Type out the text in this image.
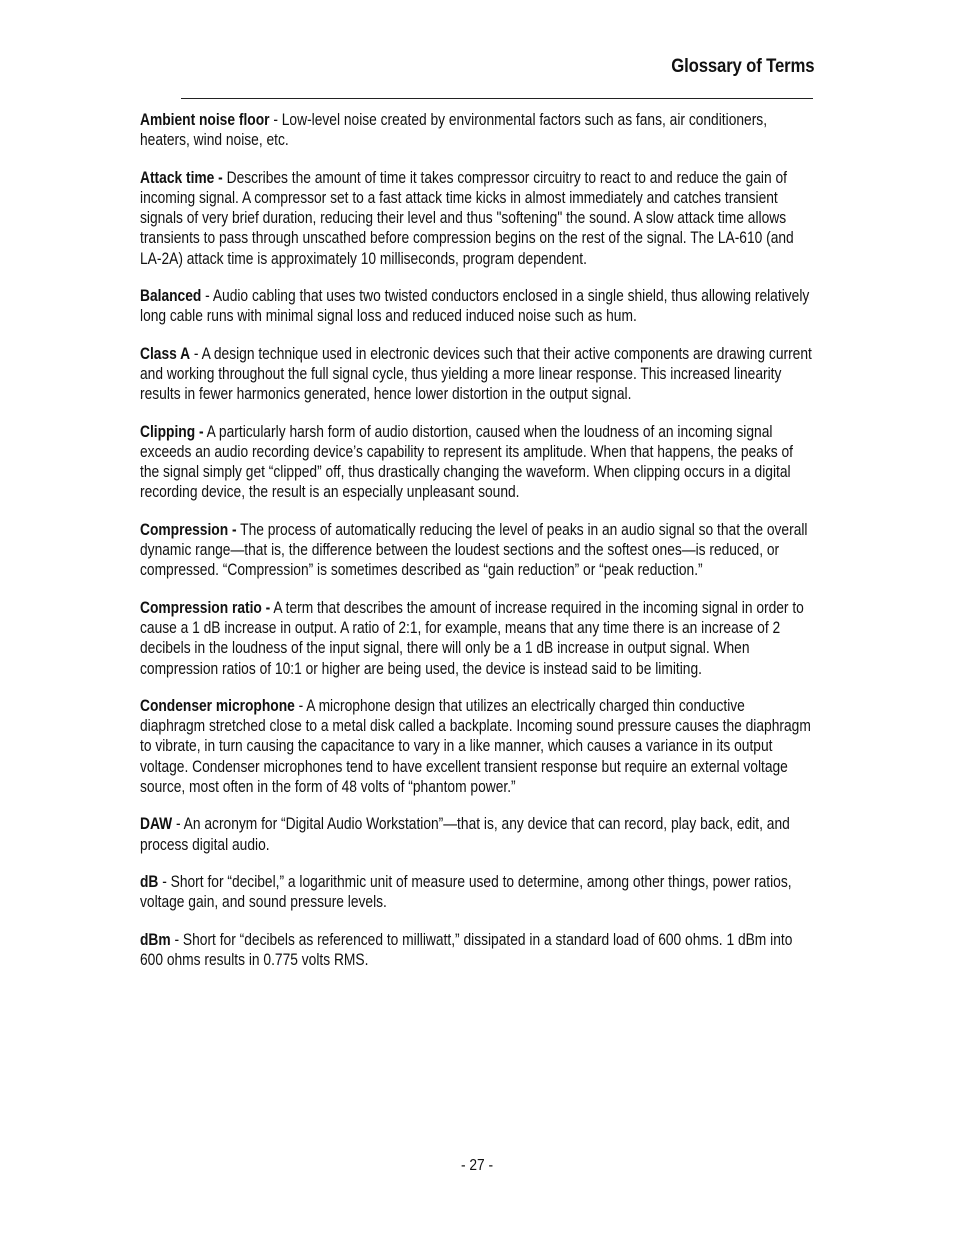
Glossary of Terms

Ambient noise floor - Low-level noise created by environmental factors such as fans, air conditioners, heaters, wind noise, etc.

Attack time - Describes the amount of time it takes compressor circuitry to react to and reduce the gain of incoming signal. A compressor set to a fast attack time kicks in almost immediately and catches transient signals of very brief duration, reducing their level and thus "softening" the sound. A slow attack time allows transients to pass through unscathed before compression begins on the rest of the signal. The LA-610 (and LA-2A) attack time is approximately 10 milliseconds, program dependent.

Balanced - Audio cabling that uses two twisted conductors enclosed in a single shield, thus allowing relatively long cable runs with minimal signal loss and reduced induced noise such as hum.

Class A - A design technique used in electronic devices such that their active components are drawing current and working throughout the full signal cycle, thus yielding a more linear response. This increased linearity results in fewer harmonics generated, hence lower distortion in the output signal.

Clipping - A particularly harsh form of audio distortion, caused when the loudness of an incoming signal exceeds an audio recording device’s capability to represent its amplitude. When that happens, the peaks of the signal simply get “clipped” off, thus drastically changing the waveform. When clipping occurs in a digital recording device, the result is an especially unpleasant sound.

Compression - The process of automatically reducing the level of peaks in an audio signal so that the overall dynamic range—that is, the difference between the loudest sections and the softest ones—is reduced, or compressed. “Compression” is sometimes described as “gain reduction” or “peak reduction.”

Compression ratio - A term that describes the amount of increase required in the incoming signal in order to cause a 1 dB increase in output. A ratio of 2:1, for example, means that any time there is an increase of 2 decibels in the loudness of the input signal, there will only be a 1 dB increase in output signal. When compression ratios of 10:1 or higher are being used, the device is instead said to be limiting.

Condenser microphone - A microphone design that utilizes an electrically charged thin conductive diaphragm stretched close to a metal disk called a backplate. Incoming sound pressure causes the diaphragm to vibrate, in turn causing the capacitance to vary in a like manner, which causes a variance in its output voltage. Condenser microphones tend to have excellent transient response but require an external voltage source, most often in the form of 48 volts of “phantom power.”

DAW - An acronym for “Digital Audio Workstation”—that is, any device that can record, play back, edit, and process digital audio.

dB - Short for “decibel,” a logarithmic unit of measure used to determine, among other things, power ratios, voltage gain, and sound pressure levels.

dBm - Short for “decibels as referenced to milliwatt,” dissipated in a standard load of 600 ohms. 1 dBm into 600 ohms results in 0.775 volts RMS.

- 27 -
